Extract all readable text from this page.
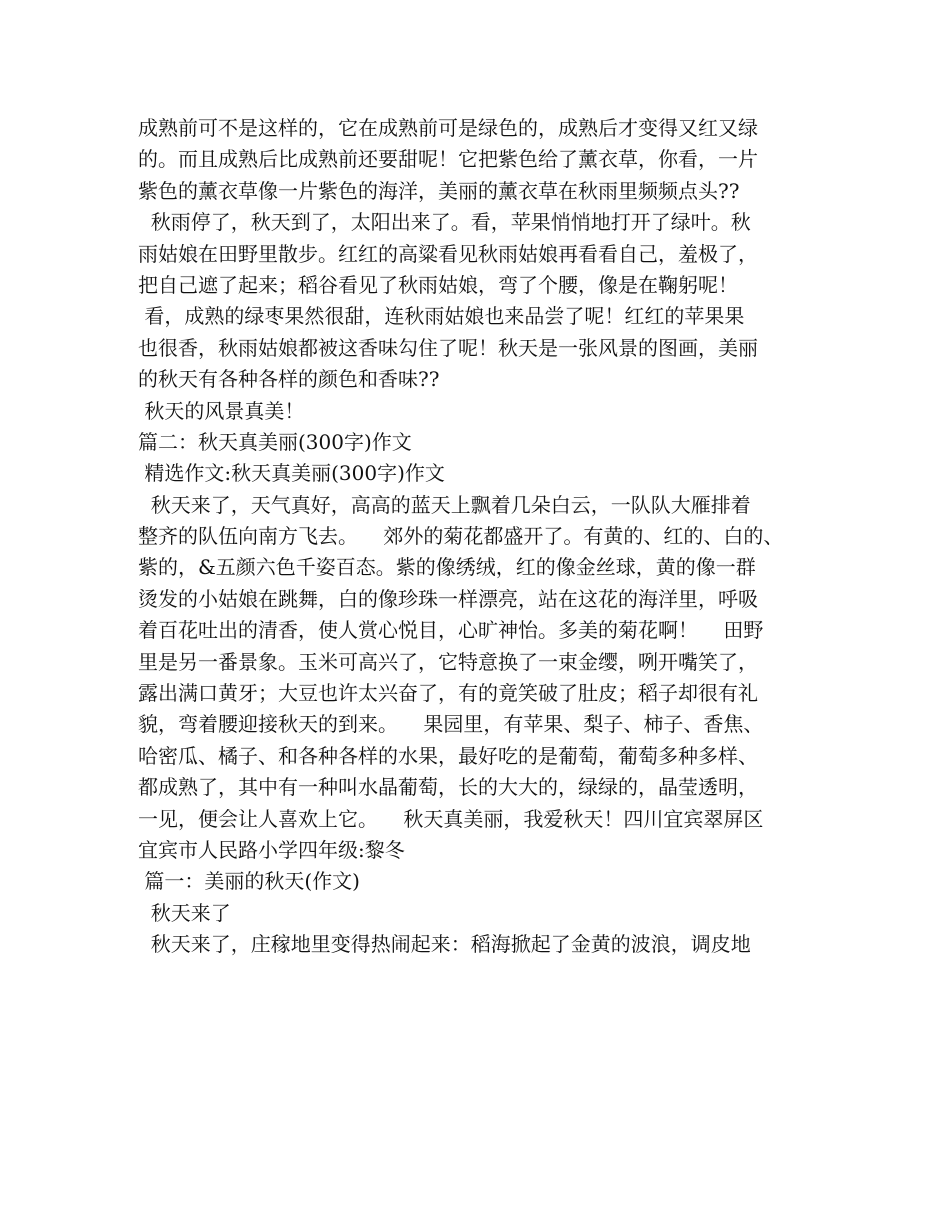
成熟前可不是这样的，它在成熟前可是绿色的，成熟后才变得又红又绿
的。而且成熟后比成熟前还要甜呢！它把紫色给了薰衣草，你看，一片
紫色的薰衣草像一片紫色的海洋，美丽的薰衣草在秋雨里频频点头??
秋雨停了，秋天到了，太阳出来了。看，苹果悄悄地打开了绿叶。秋
雨姑娘在田野里散步。红红的高粱看见秋雨姑娘再看看自己，羞极了，
把自己遮了起来；稻谷看见了秋雨姑娘，弯了个腰，像是在鞠躬呢！
看，成熟的绿枣果然很甜，连秋雨姑娘也来品尝了呢！红红的苹果果
也很香，秋雨姑娘都被这香味勾住了呢！秋天是一张风景的图画，美丽
的秋天有各种各样的颜色和香味??
秋天的风景真美！
篇二：秋天真美丽(300字)作文
精选作文:秋天真美丽(300字)作文
秋天来了，天气真好，高高的蓝天上飘着几朵白云，一队队大雁排着
整齐的队伍向南方飞去。    郊外的菊花都盛开了。有黄的、红的、白的、
紫的，&五颜六色千姿百态。紫的像绣绒，红的像金丝球，黄的像一群
烫发的小姑娘在跳舞，白的像珍珠一样漂亮，站在这花的海洋里，呼吸
着百花吐出的清香，使人赏心悦目，心旷神怡。多美的菊花啊！    田野
里是另一番景象。玉米可高兴了，它特意换了一束金缨，咧开嘴笑了，
露出满口黄牙；大豆也许太兴奋了，有的竟笑破了肚皮；稻子却很有礼
貌，弯着腰迎接秋天的到来。    果园里，有苹果、梨子、柿子、香焦、
哈密瓜、橘子、和各种各样的水果，最好吃的是葡萄，葡萄多种多样、
都成熟了，其中有一种叫水晶葡萄，长的大大的，绿绿的，晶莹透明，
一见，便会让人喜欢上它。    秋天真美丽，我爱秋天！四川宜宾翠屏区
宜宾市人民路小学四年级:黎冬
篇一：美丽的秋天(作文)
秋天来了
秋天来了，庄稼地里变得热闹起来：稻海掀起了金黄的波浪，调皮地
